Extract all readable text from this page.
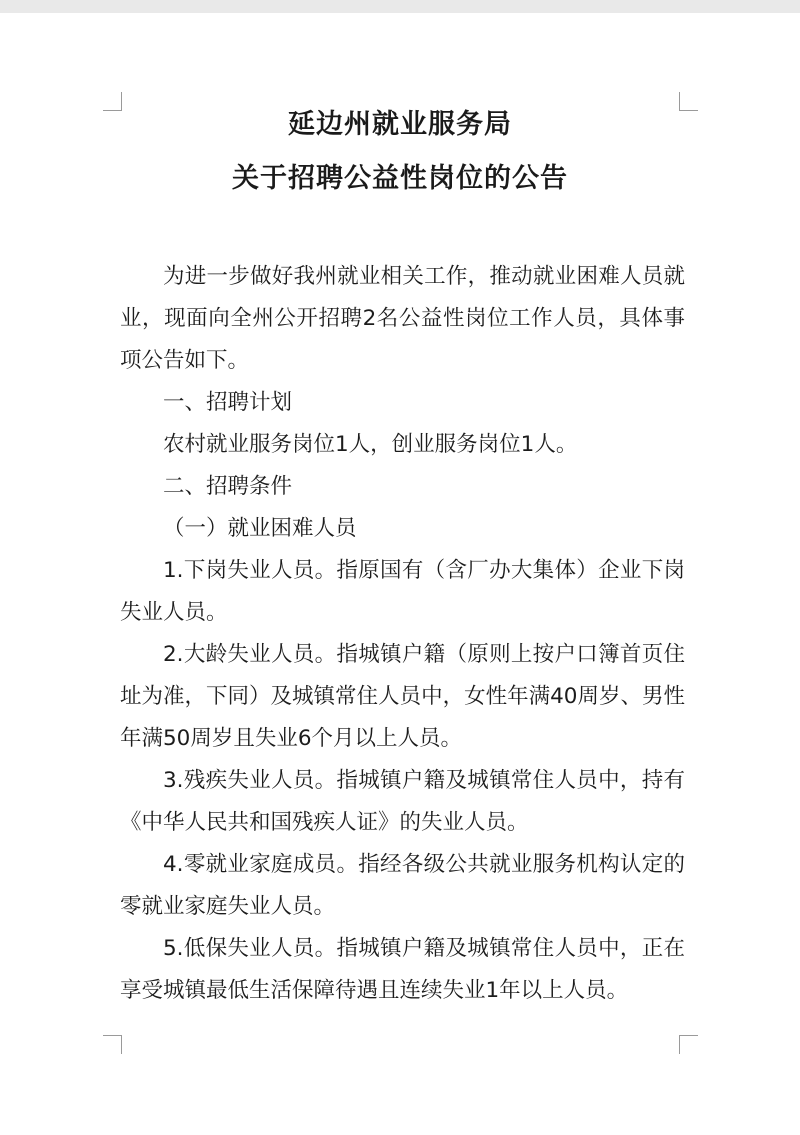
延边州就业服务局
关于招聘公益性岗位的公告

为进一步做好我州就业相关工作，推动就业困难人员就业，现面向全州公开招聘2名公益性岗位工作人员，具体事项公告如下。

一、招聘计划

农村就业服务岗位1人，创业服务岗位1人。

二、招聘条件

（一）就业困难人员

1.下岗失业人员。指原国有（含厂办大集体）企业下岗失业人员。

2.大龄失业人员。指城镇户籍（原则上按户口簿首页住址为准，下同）及城镇常住人员中，女性年满40周岁、男性年满50周岁且失业6个月以上人员。

3.残疾失业人员。指城镇户籍及城镇常住人员中，持有《中华人民共和国残疾人证》的失业人员。

4.零就业家庭成员。指经各级公共就业服务机构认定的零就业家庭失业人员。

5.低保失业人员。指城镇户籍及城镇常住人员中，正在享受城镇最低生活保障待遇且连续失业1年以上人员。
